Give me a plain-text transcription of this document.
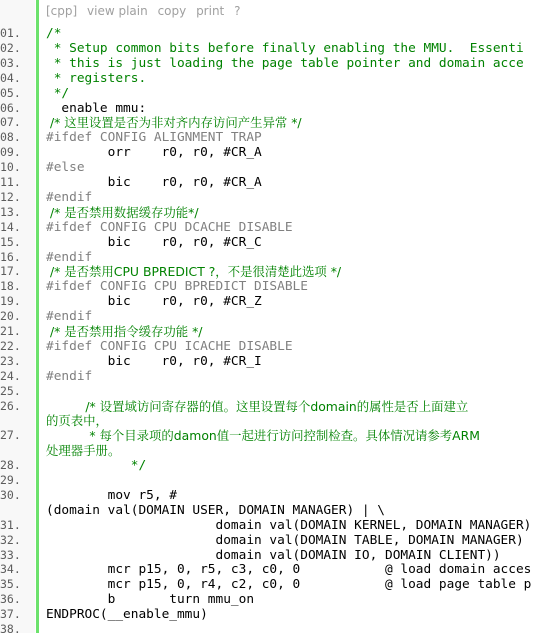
[cpp] view plain copy print ?
01.
02.
03.
04.
05.
06.
07.
08.
09.
10.
11.
12.
13.
14.
15.
16.
17.
18.
19.
20.
21.
22.
23.
24.
25.
26.
27.
28.
29.
30.
31.
32.
33.
34.
35.
36.
37.
38.
/*
* Setup common bits before finally enabling the MMU.  Essenti
* this is just loading the page table pointer and domain acce
* registers.
*/
enable mmu:
/* 这里设置是否为非对齐内存访问产生异常 */
#ifdef CONFIG ALIGNMENT TRAP
orr    r0, r0, #CR_A
#else
bic    r0, r0, #CR_A
#endif
/* 是否禁用数据缓存功能*/
#ifdef CONFIG CPU DCACHE DISABLE
bic    r0, r0, #CR_C
#endif
/* 是否禁用CPU BPREDICT ?，不是很清楚此选项 */
#ifdef CONFIG CPU BPREDICT DISABLE
bic    r0, r0, #CR_Z
#endif
/* 是否禁用指令缓存功能 */
#ifdef CONFIG CPU ICACHE DISABLE
bic    r0, r0, #CR_I
#endif
/* 设置域访问寄存器的值。这里设置每个domain的属性是否上面建立
的页表中，
* 每个目录项的damon值一起进行访问控制检查。具体情况请参考ARM
处理器手册。
*/
mov r5, #
(domain val(DOMAIN USER, DOMAIN MANAGER) | \
domain val(DOMAIN KERNEL, DOMAIN MANAGER)
domain val(DOMAIN TABLE, DOMAIN MANAGER)
domain val(DOMAIN IO, DOMAIN CLIENT))
mcr p15, 0, r5, c3, c0, 0           @ load domain acces
mcr p15, 0, r4, c2, c0, 0           @ load page table p
b       turn mmu_on
ENDPROC(__enable_mmu)
